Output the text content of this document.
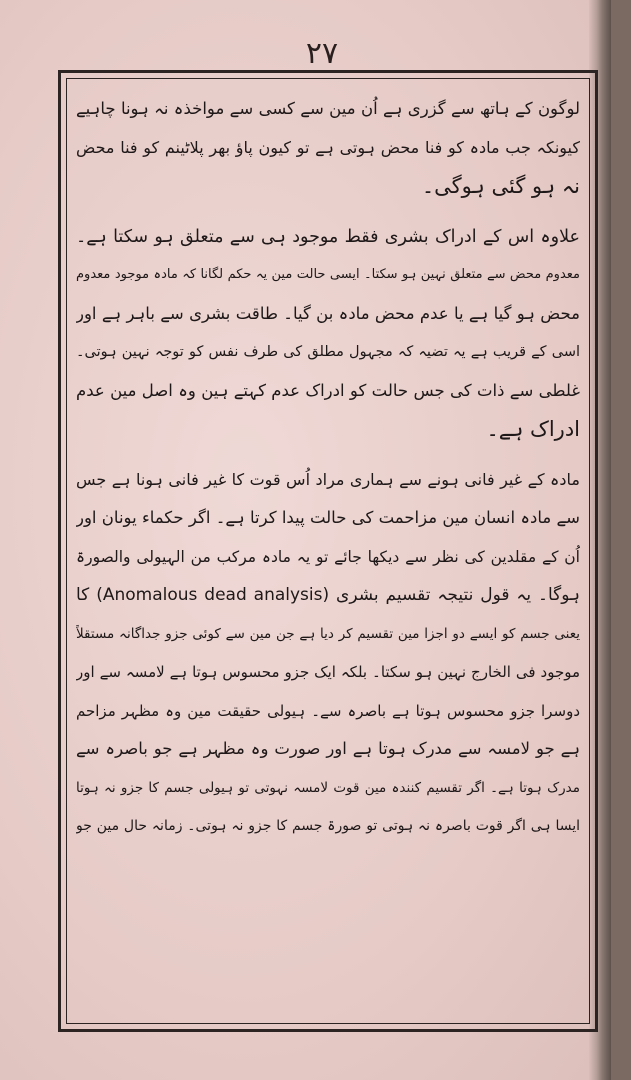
۲۷
لوگون کے ہاتھ سے گزری ہے اُن مین سے کسی سے مواخذہ نہ ہونا چاہیے
کیونکہ جب مادہ کو فنا محض ہوتی ہے تو کیون پاؤ بھر پلاٹینم کو فنا محض
نہ ہو گئی ہوگی۔
علاوہ اس کے ادراک بشری فقط موجود ہی سے متعلق ہو سکتا ہے۔
معدوم محض سے متعلق نہین ہو سکتا۔ ایسی حالت مین یہ حکم لگانا کہ مادہ موجود معدوم
محض ہو گیا ہے یا عدم محض مادہ بن گیا۔ طاقت بشری سے باہر ہے اور
اسی کے قریب ہے یہ تضیہ کہ مجہول مطلق کی طرف نفس کو توجہ نہین ہوتی۔
غلطی سے ذات کی جس حالت کو ادراک عدم کہتے ہین وہ اصل مین عدم
ادراک ہے۔
مادہ کے غیر فانی ہونے سے ہماری مراد اُس قوت کا غیر فانی ہونا ہے جس
سے مادہ انسان مین مزاحمت کی حالت پیدا کرتا ہے۔ اگر حکماء یونان اور
اُن کے مقلدین کی نظر سے دیکھا جائے تو یہ مادہ مرکب من الہیولی والصورۃ
ہوگا۔ یہ قول نتیجہ تقسیم بشری (Anomalous dead analysis) کا
یعنی جسم کو ایسے دو اجزا مین تقسیم کر دیا ہے جن مین سے کوئی جزو جداگانہ مستقلاً
موجود فی الخارج نہین ہو سکتا۔ بلکہ ایک جزو محسوس ہوتا ہے لامسہ سے اور
دوسرا جزو محسوس ہوتا ہے باصرہ سے۔ ہیولی حقیقت مین وہ مظہر مزاحم
ہے جو لامسہ سے مدرک ہوتا ہے اور صورت وہ مظہر ہے جو باصرہ سے
مدرک ہوتا ہے۔ اگر تقسیم کنندہ مین قوت لامسہ نہوتی تو ہیولی جسم کا جزو نہ ہوتا
ایسا ہی اگر قوت باصرہ نہ ہوتی تو صورۃ جسم کا جزو نہ ہوتی۔ زمانہ حال مین جو
